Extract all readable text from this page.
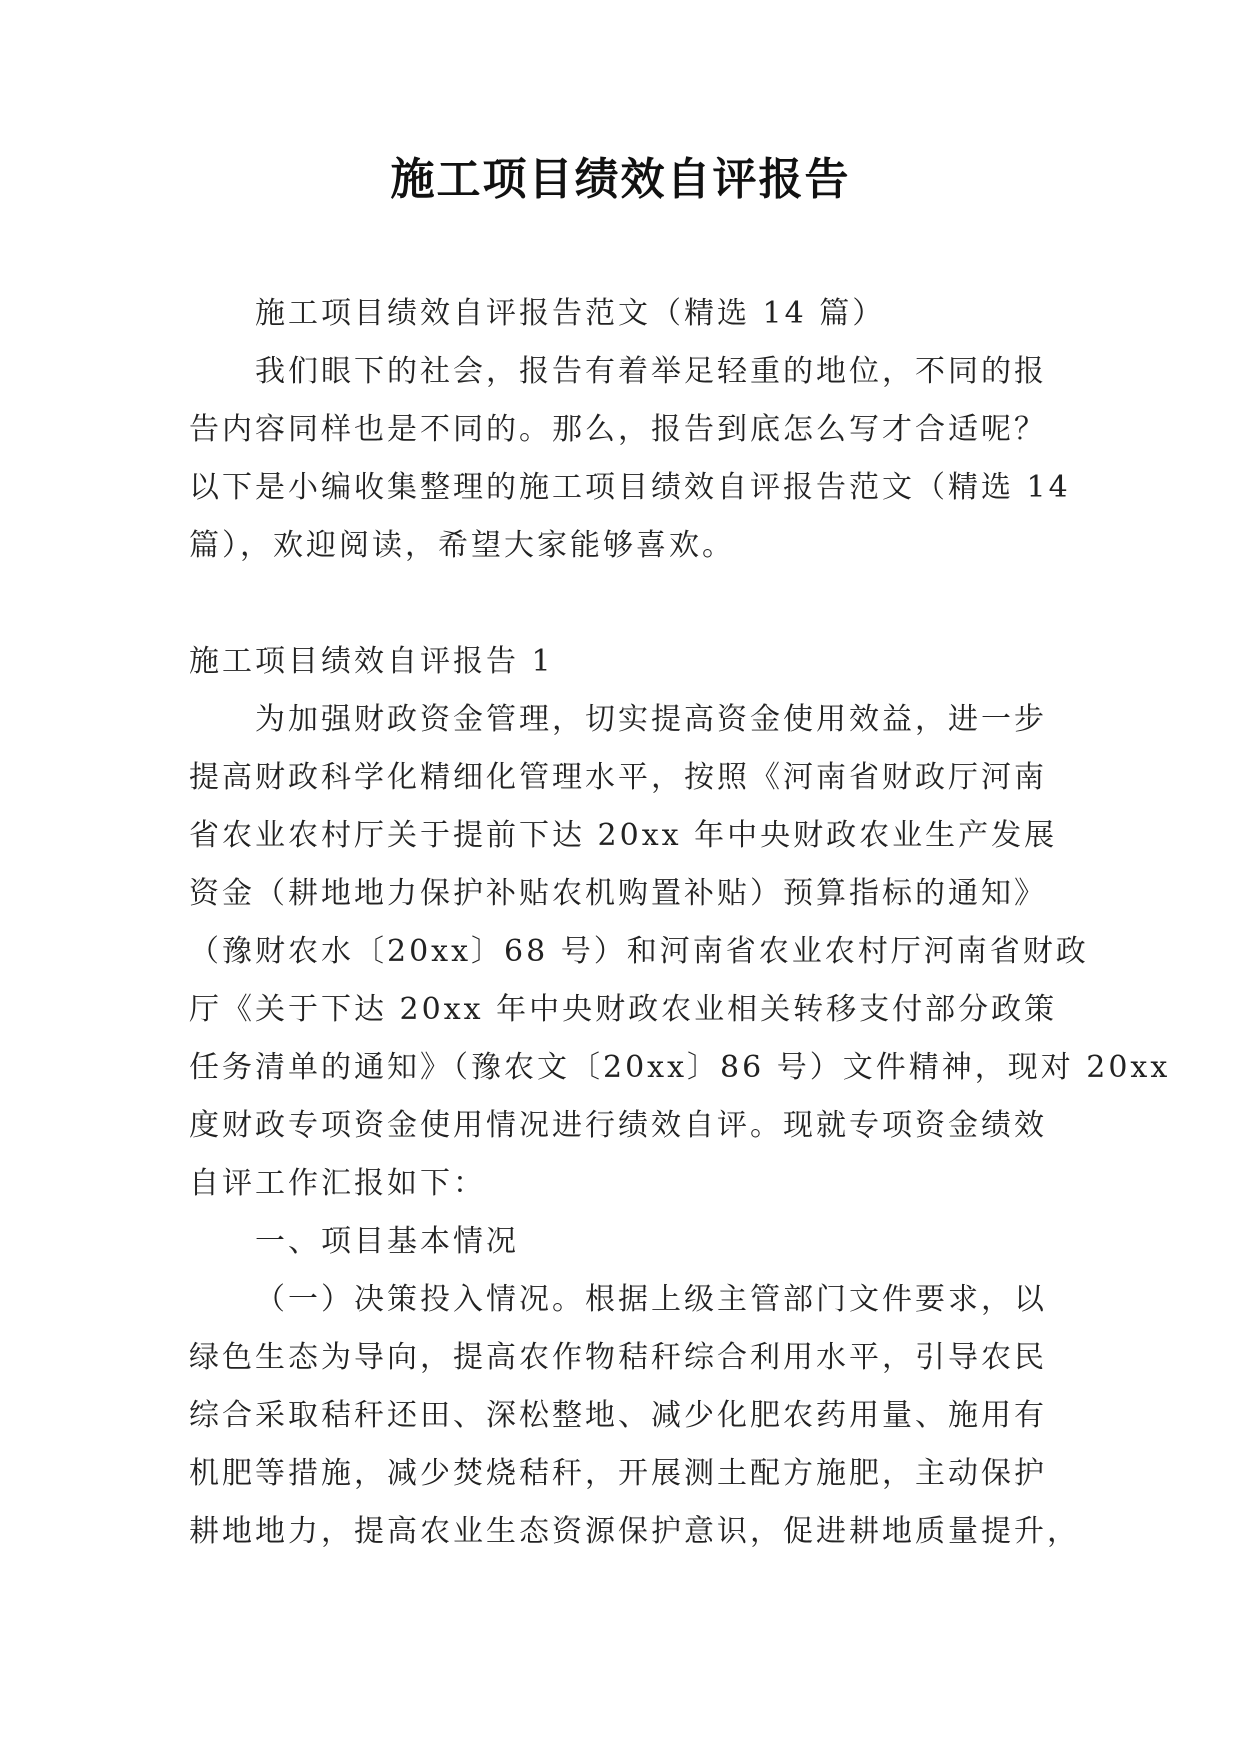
施工项目绩效自评报告
施工项目绩效自评报告范文（精选 14 篇）
我们眼下的社会，报告有着举足轻重的地位，不同的报
告内容同样也是不同的。那么，报告到底怎么写才合适呢？
以下是小编收集整理的施工项目绩效自评报告范文（精选 14
篇），欢迎阅读，希望大家能够喜欢。
施工项目绩效自评报告 1
为加强财政资金管理，切实提高资金使用效益，进一步
提高财政科学化精细化管理水平，按照《河南省财政厅河南
省农业农村厅关于提前下达 20xx 年中央财政农业生产发展
资金（耕地地力保护补贴农机购置补贴）预算指标的通知》
（豫财农水〔20xx〕68 号）和河南省农业农村厅河南省财政
厅《关于下达 20xx 年中央财政农业相关转移支付部分政策
任务清单的通知》（豫农文〔20xx〕86 号）文件精神，现对 20xx
度财政专项资金使用情况进行绩效自评。现就专项资金绩效
自评工作汇报如下：
一、项目基本情况
（一）决策投入情况。根据上级主管部门文件要求，以
绿色生态为导向，提高农作物秸秆综合利用水平，引导农民
综合采取秸秆还田、深松整地、减少化肥农药用量、施用有
机肥等措施，减少焚烧秸秆，开展测土配方施肥，主动保护
耕地地力，提高农业生态资源保护意识，促进耕地质量提升，
